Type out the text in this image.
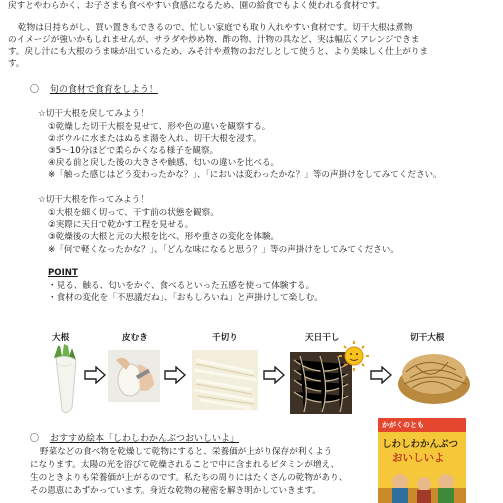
戻すとやわらかく、お子さまも食べやすい食感になるため、園の給食でもよく使われる食材です。
乾物は日持ちがし、買い置きもできるので、忙しい家庭でも取り入れやすい食材です。切干大根は煮物
のイメージが強いかもしれませんが、サラダや炒め物、酢の物、汁物の具など、実は幅広くアレンジできま
す。戻し汁にも大根のうま味が出ているため、みそ汁や煮物のおだしとして使うと、より美味しく仕上がりま
す。
〇 旬の食材で食育をしよう！
☆切干大根を戻してみよう！
①乾燥した切干大根を見せて、形や色の違いを観察する。
②ボウルに水またはぬるま湯を入れ、切干大根を浸す。
③5～10分ほどで柔らかくなる様子を観察。
④戻る前と戻した後の大きさや触感、匂いの違いを比べる。
※「触った感じはどう変わったかな？」、「においは変わったかな？」等の声掛けをしてみてください。
☆切干大根を作ってみよう！
①大根を細く切って、干す前の状態を観察。
②実際に天日で乾かす工程を見せる。
③乾燥後の大根と元の大根を比べ、形や重さの変化を体験。
※「何で軽くなったかな？」、「どんな味になると思う？」等の声掛けをしてみてください。
POINT
・見る、触る、匂いをかぐ、食べるといった五感を使って体験する。
・食材の変化を「不思議だね」、「おもしろいね」と声掛けして楽しむ。
大根	皮むき	千切り	天日干し	切干大根
〇 おすすめ絵本「しわしわかんぶつおいしいよ」
野菜などの食べ物を乾燥して乾物にすると、栄養価が上がり保存が利くよう
になります。太陽の光を浴びて乾燥されることで中に含まれるビタミンが増え、
生のときよりも栄養価が上がるのです。私たちの周りにはたくさんの乾物があり、
その恩恵にあずかっています。身近な乾物の秘密を解き明かしていきます。
かがくのとも
しわしわかんぶつ
おいしいよ
